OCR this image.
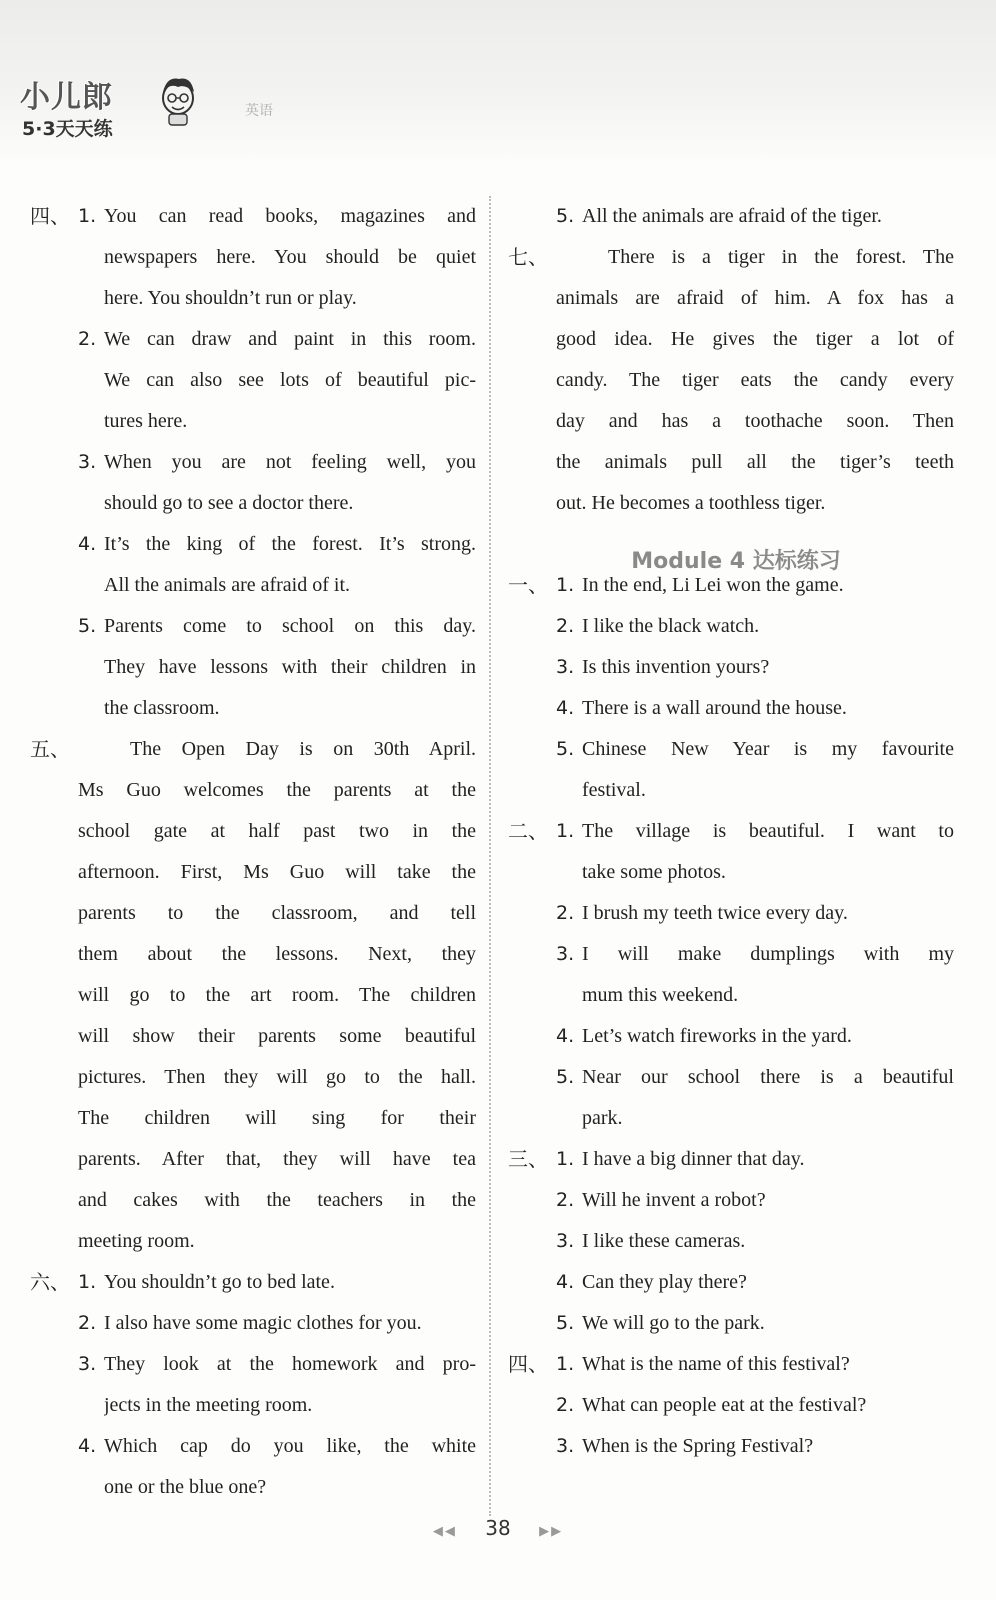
小儿郎
5·3天天练
英语
四、 1. You can read books, magazines and
newspapers here. You should be quiet
here. You shouldn’t run or play.
2. We can draw and paint in this room.
We can also see lots of beautiful pic-
tures here.
3. When you are not feeling well, you
should go to see a doctor there.
4. It’s the king of the forest. It’s strong.
All the animals are afraid of it.
5. Parents come to school on this day.
They have lessons with their children in
the classroom.
五、	The Open Day is on 30th April.
Ms Guo welcomes the parents at the
school gate at half past two in the
afternoon. First, Ms Guo will take the
parents to the classroom, and tell
them about the lessons. Next, they
will go to the art room. The children
will show their parents some beautiful
pictures. Then they will go to the hall.
The children will sing for their
parents. After that, they will have tea
and cakes with the teachers in the
meeting room.
六、 1. You shouldn’t go to bed late.
2. I also have some magic clothes for you.
3. They look at the homework and pro-
jects in the meeting room.
4. Which cap do you like, the white
one or the blue one?
Module 4 达标练习
5. All the animals are afraid of the tiger.
七、	There is a tiger in the forest. The
animals are afraid of him. A fox has a
good idea. He gives the tiger a lot of
candy. The tiger eats the candy every
day and has a toothache soon. Then
the animals pull all the tiger’s teeth
out. He becomes a toothless tiger.
一、 1. In the end, Li Lei won the game.
2. I like the black watch.
3. Is this invention yours?
4. There is a wall around the house.
5. Chinese New Year is my favourite
festival.
二、 1. The village is beautiful. I want to
take some photos.
2. I brush my teeth twice every day.
3. I will make dumplings with my
mum this weekend.
4. Let’s watch fireworks in the yard.
5. Near our school there is a beautiful
park.
三、 1. I have a big dinner that day.
2. Will he invent a robot?
3. I like these cameras.
4. Can they play there?
5. We will go to the park.
四、 1. What is the name of this festival?
2. What can people eat at the festival?
3. When is the Spring Festival?
◀◀ 38 ▶▶
